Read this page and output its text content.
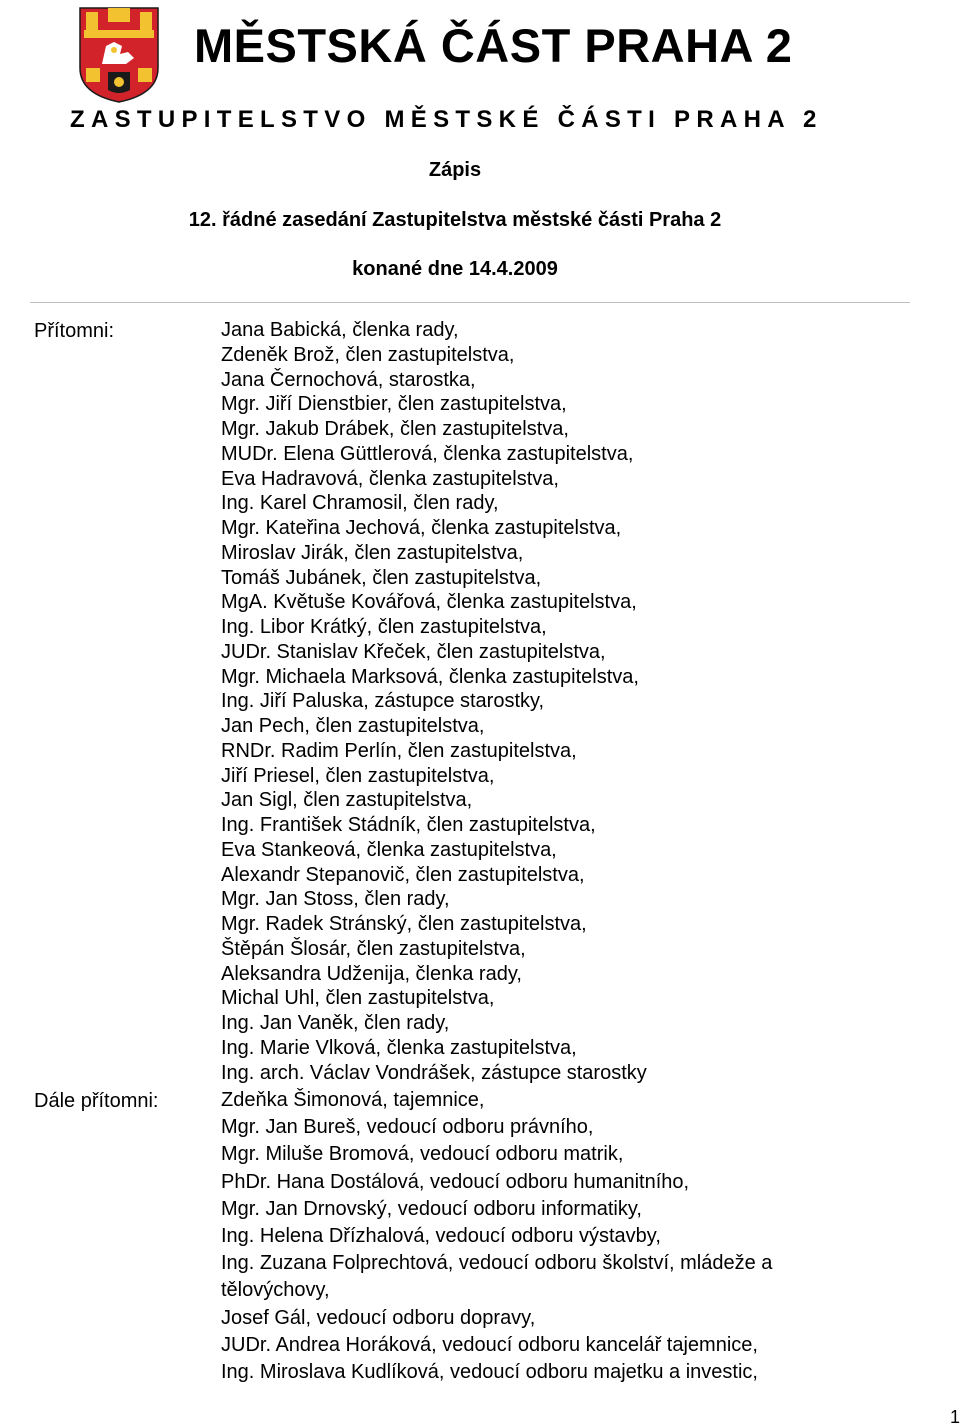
MĚSTSKÁ ČÁST PRAHA 2
ZASTUPITELSTVO MĚSTSKÉ ČÁSTI PRAHA 2
Zápis
12. řádné zasedání Zastupitelstva městské části Praha 2
konané dne 14.4.2009
Přítomni:	Jana Babická, členka rady,
Zdeněk Brož, člen zastupitelstva,
Jana Černochová, starostka,
Mgr. Jiří Dienstbier, člen zastupitelstva,
Mgr. Jakub Drábek, člen zastupitelstva,
MUDr. Elena Güttlerová, členka zastupitelstva,
Eva Hadravová, členka zastupitelstva,
Ing. Karel Chramosil, člen rady,
Mgr. Kateřina Jechová, členka zastupitelstva,
Miroslav Jirák, člen zastupitelstva,
Tomáš Jubánek, člen zastupitelstva,
MgA. Květuše Kovářová, členka zastupitelstva,
Ing. Libor Krátký, člen zastupitelstva,
JUDr. Stanislav Křeček, člen zastupitelstva,
Mgr. Michaela Marksová, členka zastupitelstva,
Ing. Jiří Paluska, zástupce starostky,
Jan Pech, člen zastupitelstva,
RNDr. Radim Perlín, člen zastupitelstva,
Jiří Priesel, člen zastupitelstva,
Jan Sigl, člen zastupitelstva,
Ing. František Stádník, člen zastupitelstva,
Eva Stankeová, členka zastupitelstva,
Alexandr Stepanovič, člen zastupitelstva,
Mgr. Jan Stoss, člen rady,
Mgr. Radek Stránský, člen zastupitelstva,
Štěpán Šlosár, člen zastupitelstva,
Aleksandra Udženija, členka rady,
Michal Uhl, člen zastupitelstva,
Ing. Jan Vaněk, člen rady,
Ing. Marie Vlková, členka zastupitelstva,
Ing. arch. Václav Vondrášek, zástupce starostky
Dále přítomni:	Zdeňka Šimonová, tajemnice,
Mgr. Jan Bureš, vedoucí odboru právního,
Mgr. Miluše Bromová, vedoucí odboru matrik,
PhDr. Hana Dostálová, vedoucí odboru humanitního,
Mgr. Jan Drnovský, vedoucí odboru informatiky,
Ing. Helena Dřízhalová, vedoucí odboru výstavby,
Ing. Zuzana Folprechtová, vedoucí odboru školství, mládeže a tělovýchovy,
Josef Gál, vedoucí odboru dopravy,
JUDr. Andrea Horáková, vedoucí odboru kancelář tajemnice,
Ing. Miroslava Kudlíková, vedoucí odboru majetku a investic,
1
